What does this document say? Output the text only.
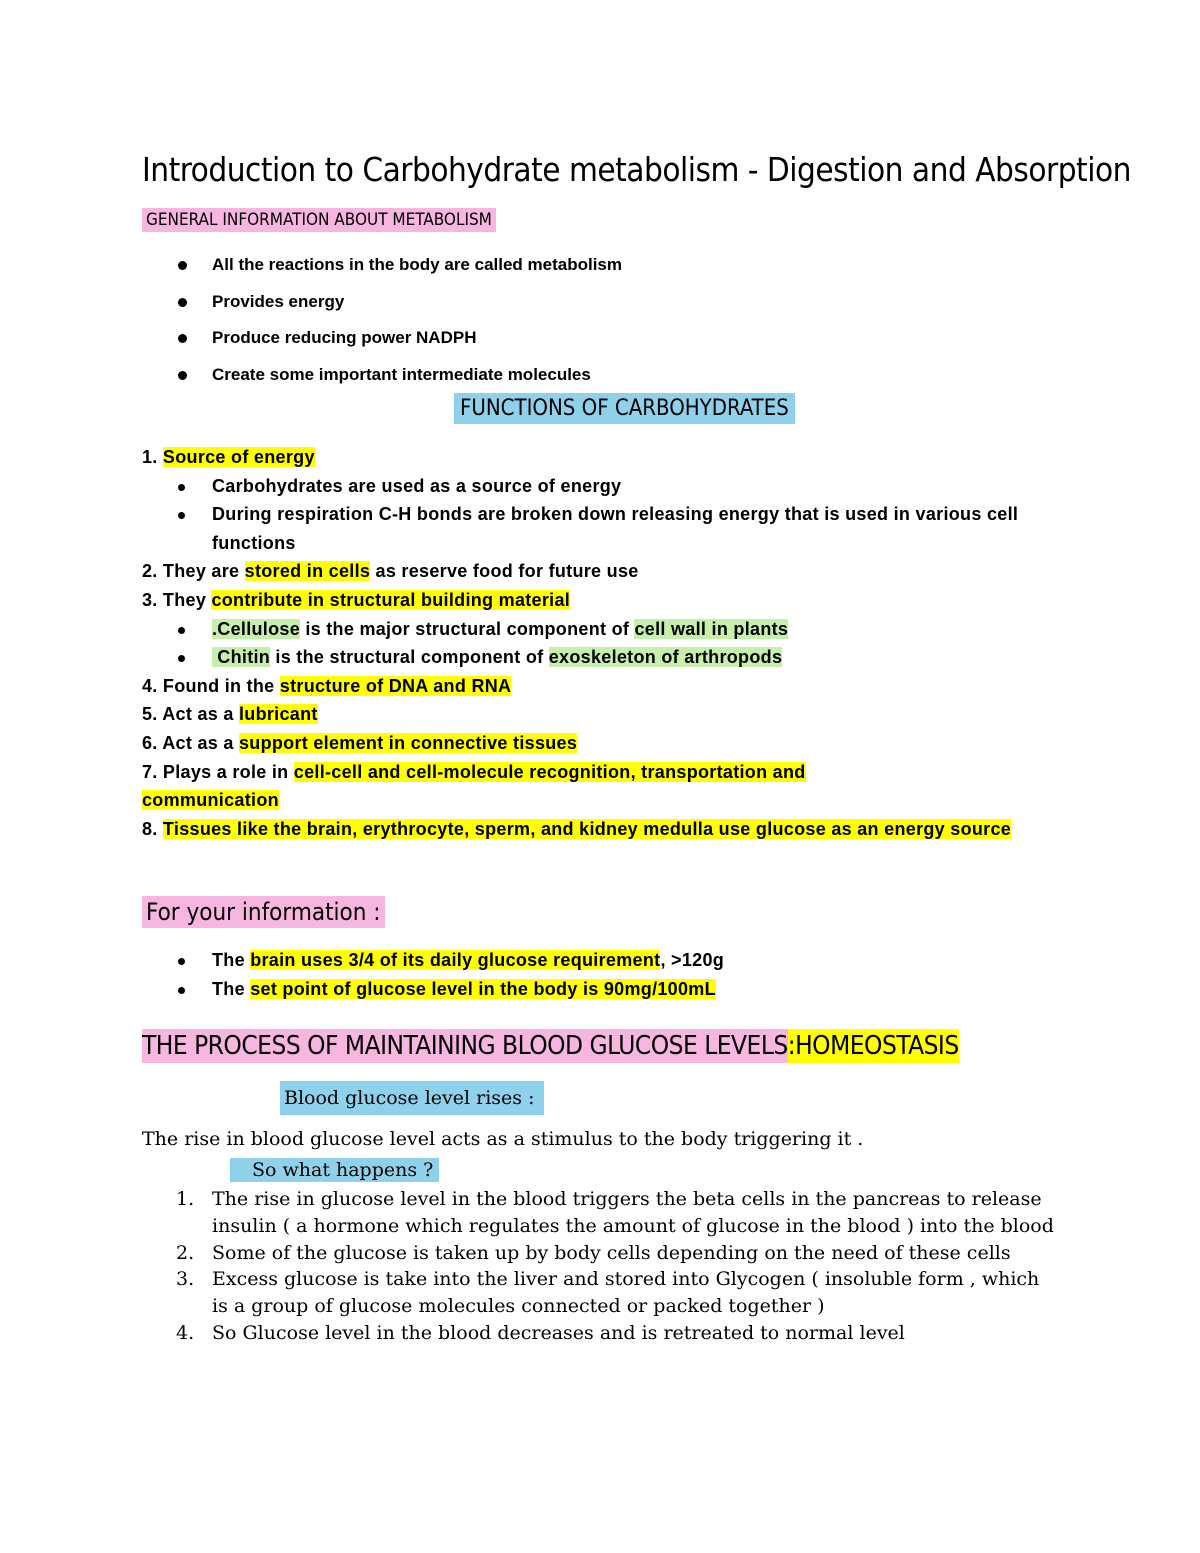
Introduction to Carbohydrate metabolism - Digestion and Absorption
GENERAL INFORMATION ABOUT METABOLISM
All the reactions in the body are called metabolism
Provides energy
Produce reducing power NADPH
Create some important intermediate molecules
FUNCTIONS OF CARBOHYDRATES
1. Source of energy
Carbohydrates are used as a source of energy
During respiration C-H bonds are broken down releasing energy that is used in various cell functions
2. They are stored in cells as reserve food for future use
3. They contribute in structural building material
.Cellulose is the major structural component of cell wall in plants
Chitin is the structural component of exoskeleton of arthropods
4. Found in the structure of DNA and RNA
5. Act as a lubricant
6. Act as a support element in connective tissues
7. Plays a role in cell-cell and cell-molecule recognition, transportation and communication
8. Tissues like the brain, erythrocyte, sperm, and kidney medulla use glucose as an energy source
For your information :
The brain uses 3/4 of its daily glucose requirement, >120g
The set point of glucose level in the body is 90mg/100mL
THE PROCESS OF MAINTAINING BLOOD GLUCOSE LEVELS:HOMEOSTASIS
Blood glucose level rises :
The rise in blood glucose level acts as a stimulus to the body triggering it .
So what happens ?
1. The rise in glucose level in the blood triggers the beta cells in the pancreas to release insulin ( a hormone which regulates the amount of glucose in the blood ) into the blood
2. Some of the glucose is taken up by body cells depending on the need of these cells
3. Excess glucose is take into the liver and stored into Glycogen ( insoluble form , which is a group of glucose molecules connected or packed together )
4. So Glucose level in the blood decreases and is retreated to normal level
